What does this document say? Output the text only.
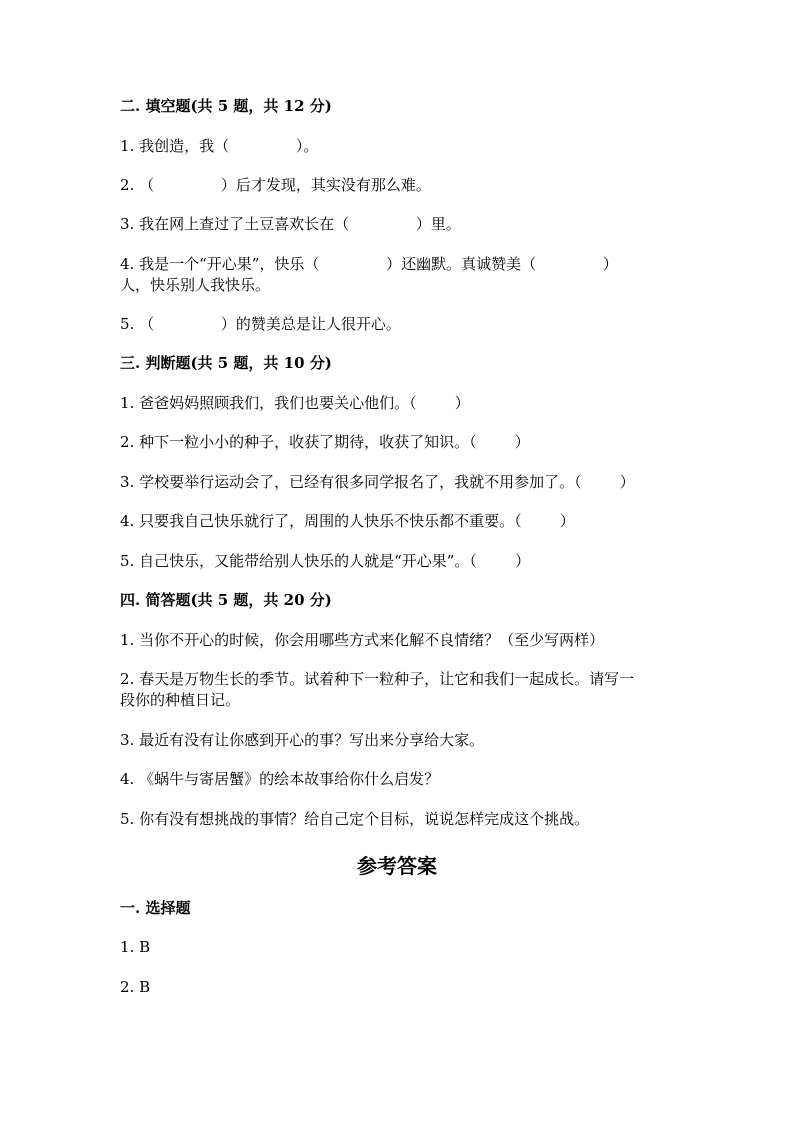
二. 填空题(共 5 题，共 12 分)
1. 我创造，我（              ）。
2. （              ）后才发现，其实没有那么难。
3. 我在网上查过了土豆喜欢长在（              ）里。
4. 我是一个“开心果”，快乐（              ）还幽默。真诚赞美（              ）
人，快乐别人我快乐。
5. （              ）的赞美总是让人很开心。
三. 判断题(共 5 题，共 10 分)
1. 爸爸妈妈照顾我们，我们也要关心他们。（        ）
2. 种下一粒小小的种子，收获了期待，收获了知识。（        ）
3. 学校要举行运动会了，已经有很多同学报名了，我就不用参加了。（        ）
4. 只要我自己快乐就行了，周围的人快乐不快乐都不重要。（        ）
5. 自己快乐，又能带给别人快乐的人就是“开心果”。（        ）
四. 简答题(共 5 题，共 20 分)
1. 当你不开心的时候，你会用哪些方式来化解不良情绪？（至少写两样）
2. 春天是万物生长的季节。试着种下一粒种子，让它和我们一起成长。请写一
段你的种植日记。
3. 最近有没有让你感到开心的事？写出来分享给大家。
4. 《蜗牛与寄居蟹》的绘本故事给你什么启发？
5. 你有没有想挑战的事情？给自己定个目标，说说怎样完成这个挑战。
参考答案
一. 选择题
1. B
2. B
